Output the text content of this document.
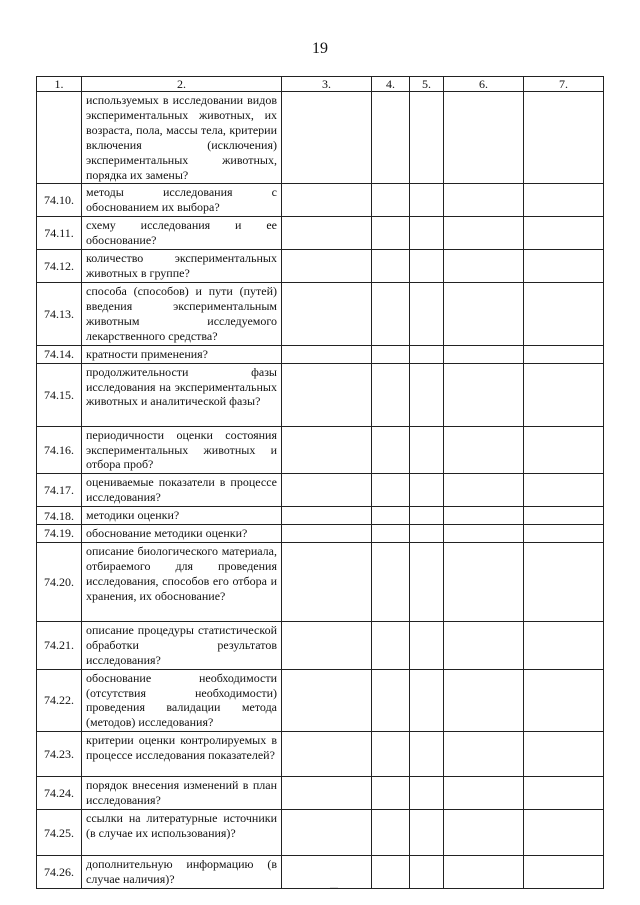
19
1.	2.	3.	4.	5.	6.	7.
	используемых в исследовании видов экспериментальных животных, их возраста, пола, массы тела, критерии включения (исключения) экспериментальных животных, порядка их замены?					
74.10.	методы исследования с обоснованием их выбора?					
74.11.	схему исследования и ее обоснование?					
74.12.	количество экспериментальных животных в группе?					
74.13.	способа (способов) и пути (путей) введения экспериментальным животным исследуемого лекарственного средства?					
74.14.	кратности применения?					
74.15.	продолжительности фазы исследования на экспериментальных животных и аналитической фазы?					
74.16.	периодичности оценки состояния экспериментальных животных и отбора проб?					
74.17.	оцениваемые показатели в процессе исследования?					
74.18.	методики оценки?					
74.19.	обоснование методики оценки?					
74.20.	описание биологического материала, отбираемого для проведения исследования, способов его отбора и хранения, их обоснование?					
74.21.	описание процедуры статистической обработки результатов исследования?					
74.22.	обоснование необходимости (отсутствия необходимости) проведения валидации метода (методов) исследования?					
74.23.	критерии оценки контролируемых в процессе исследования показателей?					
74.24.	порядок внесения изменений в план исследования?					
74.25.	ссылки на литературные источники (в случае их использования)?					
74.26.	дополнительную информацию (в случае наличия)?					
